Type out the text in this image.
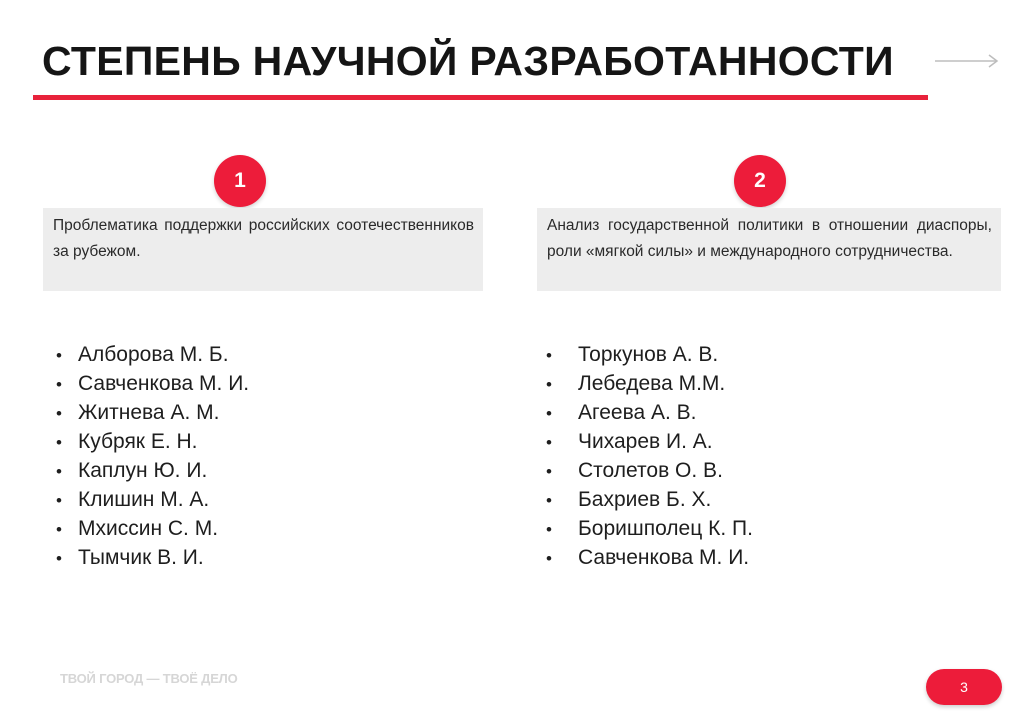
СТЕПЕНЬ НАУЧНОЙ РАЗРАБОТАННОСТИ
1	2
Проблематика поддержки российских соотечественников за рубежом.
Анализ государственной политики в отношении диаспоры, роли «мягкой силы» и международного сотрудничества.
• Алборова М. Б.
• Савченкова М. И.
• Житнева А. М.
• Кубряк Е. Н.
• Каплун Ю. И.
• Клишин М. А.
• Мхиссин С. М.
• Тымчик В. И.
•	Торкунов А. В.
•	Лебедева М.М.
•	Агеева А. В.
•	Чихарев И. А.
•	Столетов О. В.
•	Бахриев Б. Х.
•	Боришполец К. П.
•	Савченкова М. И.
ТВОЙ ГОРОД — ТВОЁ ДЕЛО
3
